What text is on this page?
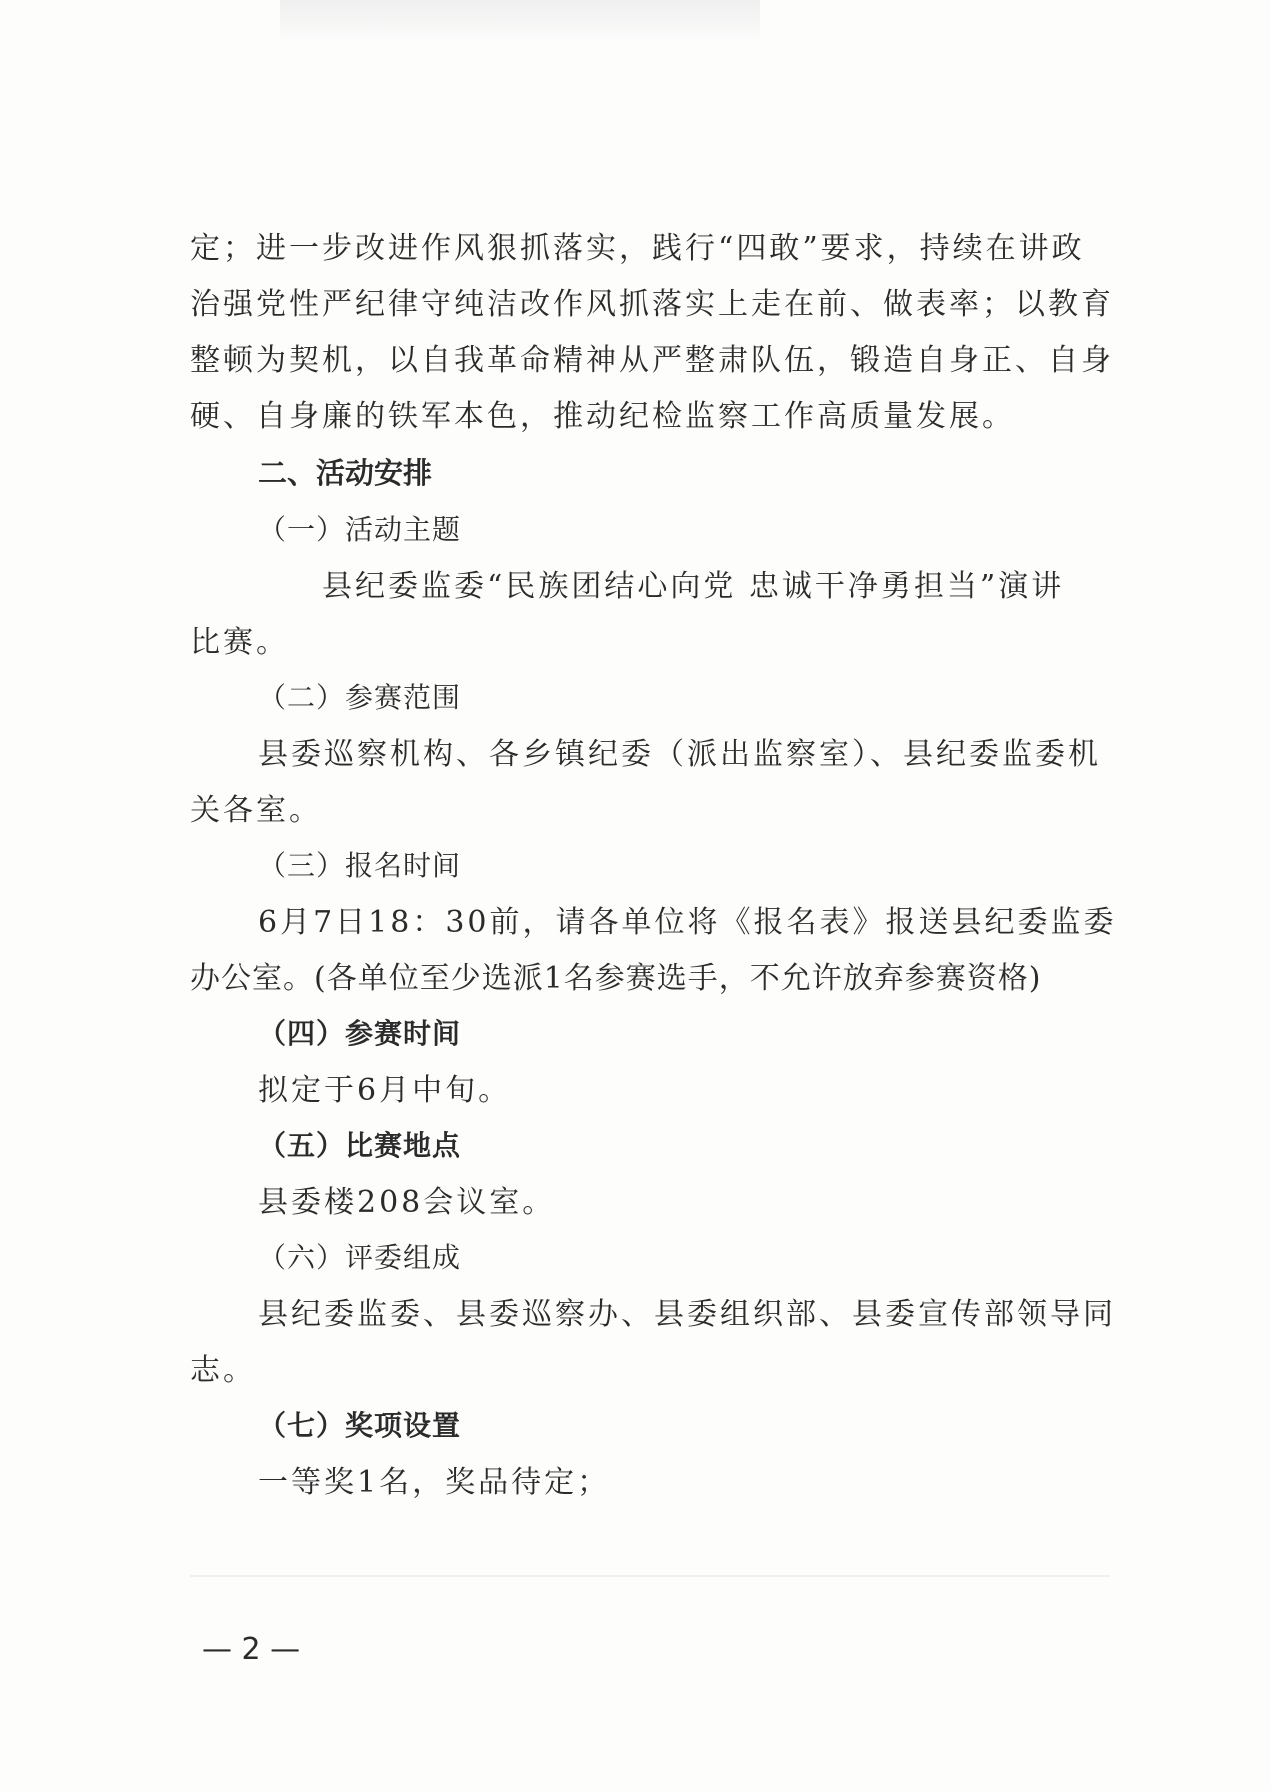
定；进一步改进作风狠抓落实，践行“四敢”要求，持续在讲政
治强党性严纪律守纯洁改作风抓落实上走在前、做表率；以教育
整顿为契机，以自我革命精神从严整肃队伍，锻造自身正、自身
硬、自身廉的铁军本色，推动纪检监察工作高质量发展。
二、活动安排
（一）活动主题
县纪委监委“民族团结心向党 忠诚干净勇担当”演讲
比赛。
（二）参赛范围
县委巡察机构、各乡镇纪委（派出监察室）、县纪委监委机
关各室。
（三）报名时间
6月7日18：30前，请各单位将《报名表》报送县纪委监委
办公室。(各单位至少选派1名参赛选手，不允许放弃参赛资格)
（四）参赛时间
拟定于6月中旬。
（五）比赛地点
县委楼208会议室。
（六）评委组成
县纪委监委、县委巡察办、县委组织部、县委宣传部领导同
志。
（七）奖项设置
一等奖1名，奖品待定；
— 2 —
